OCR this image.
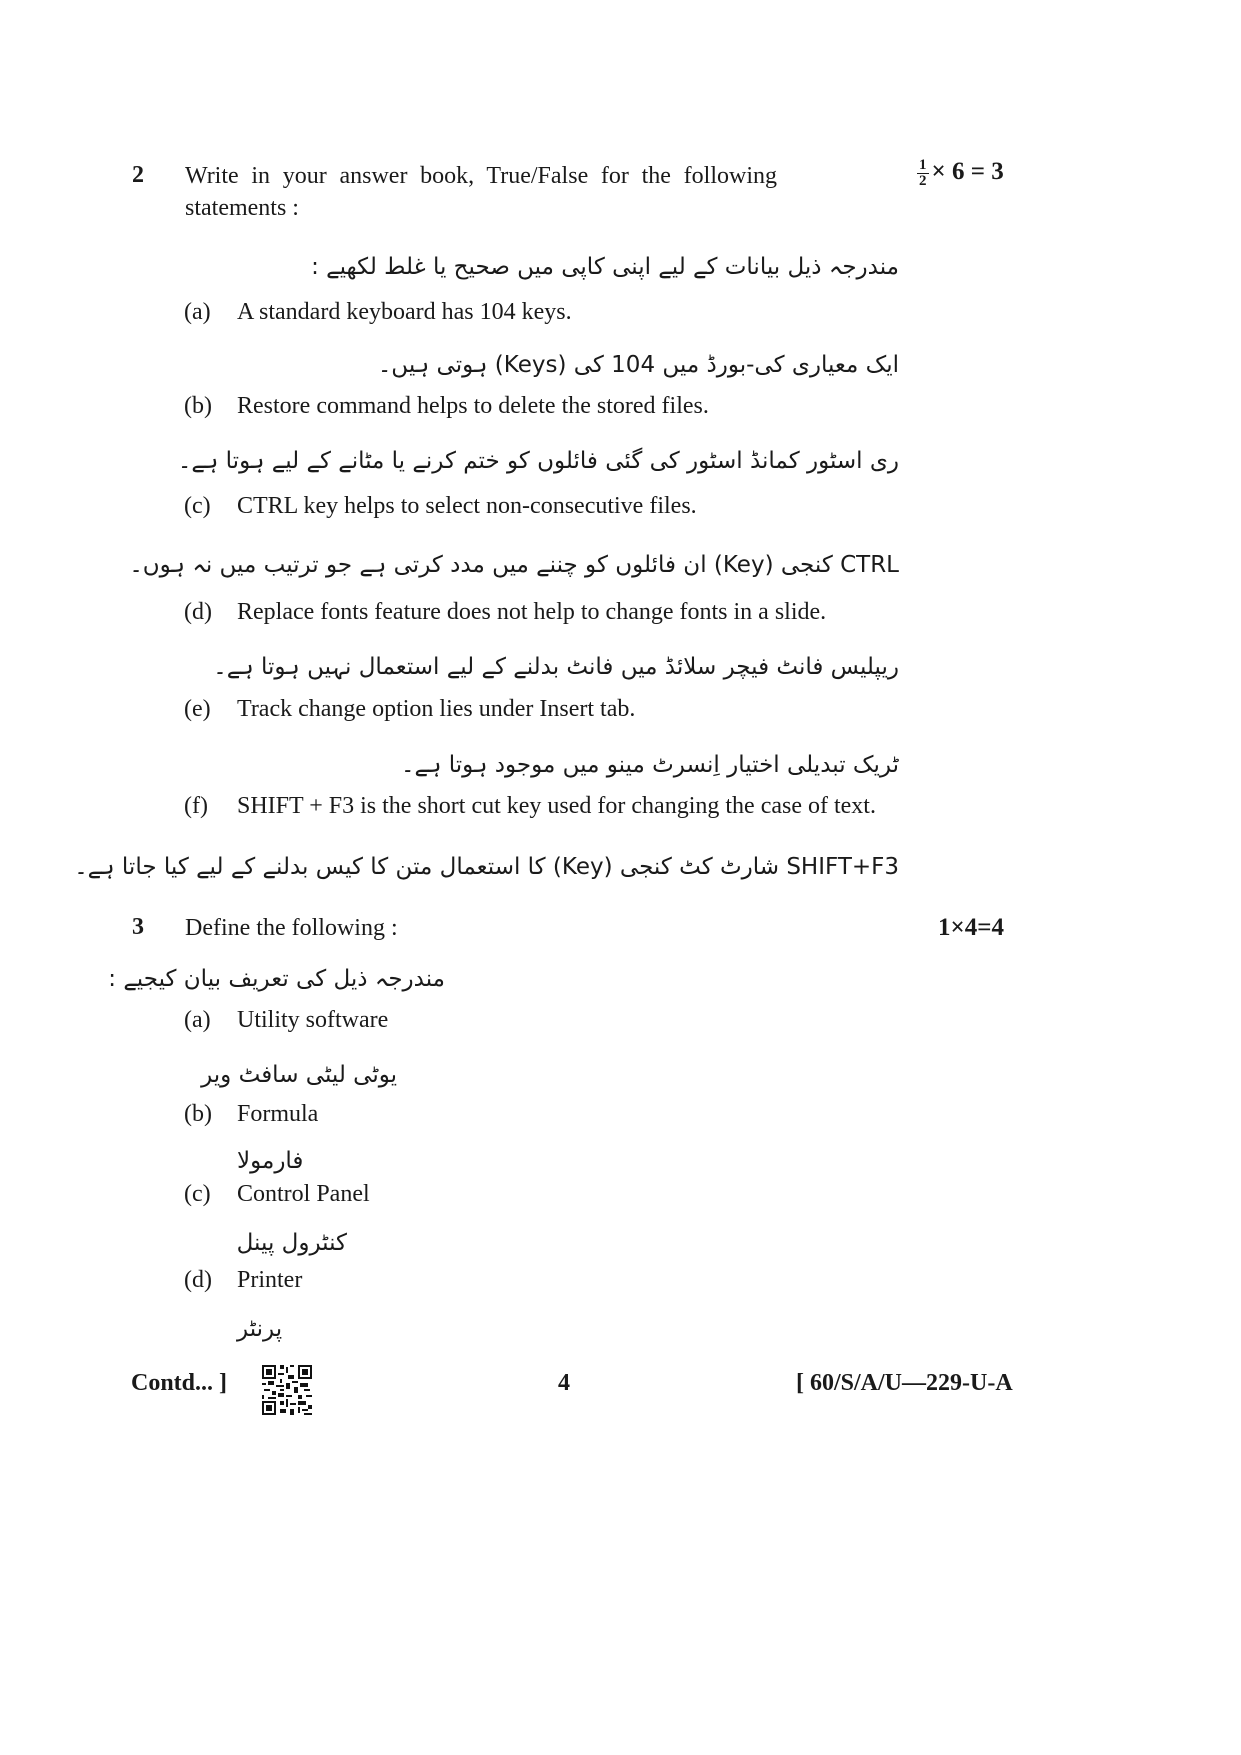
2 Write in your answer book, True/False for the following
statements :
$\frac{1}{2} \times 6 = 3$
مندرجہ ذیل بیانات کے لیے اپنی کاپی میں صحیح یا غلط لکھیے :
(a) A standard keyboard has 104 keys.
ایک معیاری کی-بورڈ میں 104 کی (Keys) ہوتی ہیں۔
(b) Restore command helps to delete the stored files.
ری اسٹور کمانڈ اسٹور کی گئی فائلوں کو ختم کرنے یا مٹانے کے لیے ہوتا ہے۔
(c) CTRL key helps to select non-consecutive files.
CTRL کنجی (Key) ان فائلوں کو چننے میں مدد کرتی ہے جو ترتیب میں نہ ہوں۔
(d) Replace fonts feature does not help to change fonts in a slide.
ریپلیس فانٹ فیچر سلائڈ میں فانٹ بدلنے کے لیے استعمال نہیں ہوتا ہے۔
(e) Track change option lies under Insert tab.
ٹریک تبدیلی اختیار اِنسرٹ مینو میں موجود ہوتا ہے۔
(f) SHIFT + F3 is the short cut key used for changing the case of text.
SHIFT+F3 شارٹ کٹ کنجی (Key) کا استعمال متن کا کیس بدلنے کے لیے کیا جاتا ہے۔
3 Define the following :	1×4=4
مندرجہ ذیل کی تعریف بیان کیجیے :
(a) Utility software
یوٹی لیٹی سافٹ ویر
(b) Formula
فارمولا
(c) Control Panel
کنٹرول پینل
(d) Printer
پرنٹر
Contd... ]	4	[ 60/S/A/U—229-U-A
